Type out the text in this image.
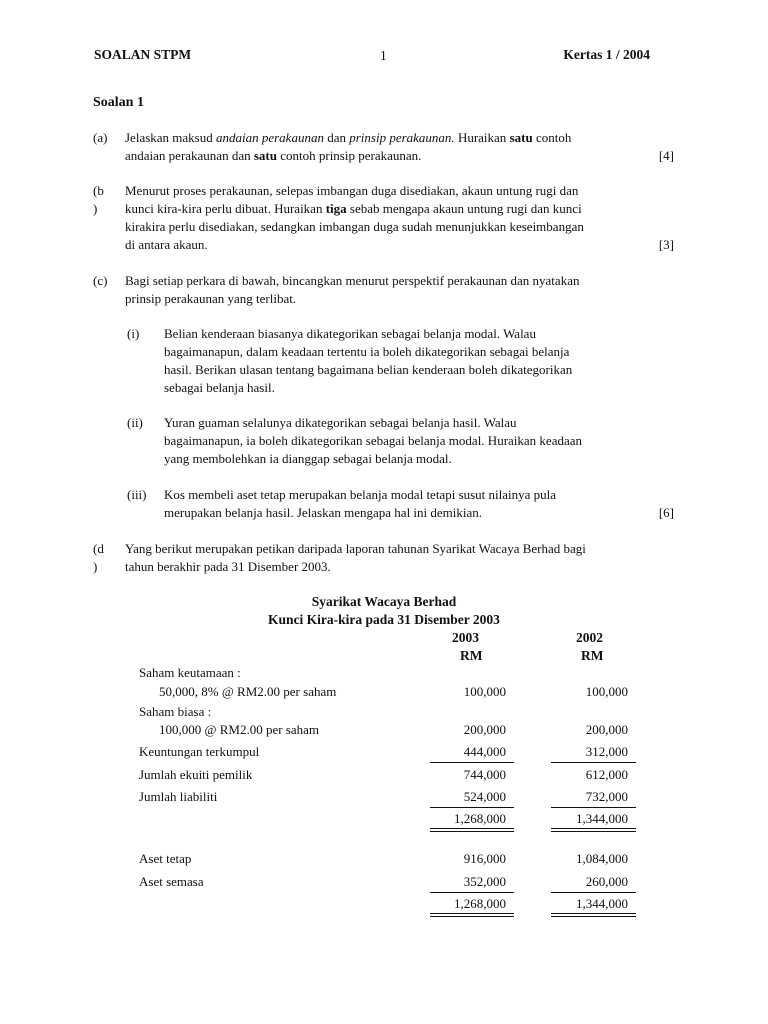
SOALAN STPM	1	Kertas 1 / 2004
Soalan 1
(a) Jelaskan maksud andaian perakaunan dan prinsip perakaunan. Huraikan satu contoh
andaian perakaunan dan satu contoh prinsip perakaunan.	[4]
(b
)
Menurut proses perakaunan, selepas imbangan duga disediakan, akaun untung rugi dan
kunci kira-kira perlu dibuat. Huraikan tiga sebab mengapa akaun untung rugi dan kunci
kirakira perlu disediakan, sedangkan imbangan duga sudah menunjukkan keseimbangan
di antara akaun.	[3]
(c) Bagi setiap perkara di bawah, bincangkan menurut perspektif perakaunan dan nyatakan
prinsip perakaunan yang terlibat.
(i) Belian kenderaan biasanya dikategorikan sebagai belanja modal. Walau
bagaimanapun, dalam keadaan tertentu ia boleh dikategorikan sebagai belanja
hasil. Berikan ulasan tentang bagaimana belian kenderaan boleh dikategorikan
sebagai belanja hasil.
(ii) Yuran guaman selalunya dikategorikan sebagai belanja hasil. Walau
bagaimanapun, ia boleh dikategorikan sebagai belanja modal. Huraikan keadaan
yang membolehkan ia dianggap sebagai belanja modal.
(iii) Kos membeli aset tetap merupakan belanja modal tetapi susut nilainya pula
merupakan belanja hasil. Jelaskan mengapa hal ini demikian.	[6]
(d
)
Yang berikut merupakan petikan daripada laporan tahunan Syarikat Wacaya Berhad bagi
tahun berakhir pada 31 Disember 2003.
Syarikat Wacaya Berhad
Kunci Kira-kira pada 31 Disember 2003
2003	2002
RM	RM
Saham keutamaan :
50,000, 8% @ RM2.00 per saham	100,000	100,000
Saham biasa :
100,000 @ RM2.00 per saham	200,000	200,000
Keuntungan terkumpul	444,000	312,000
Jumlah ekuiti pemilik	744,000	612,000
Jumlah liabiliti	524,000	732,000
1,268,000	1,344,000
Aset tetap	916,000	1,084,000
Aset semasa	352,000	260,000
1,268,000	1,344,000
